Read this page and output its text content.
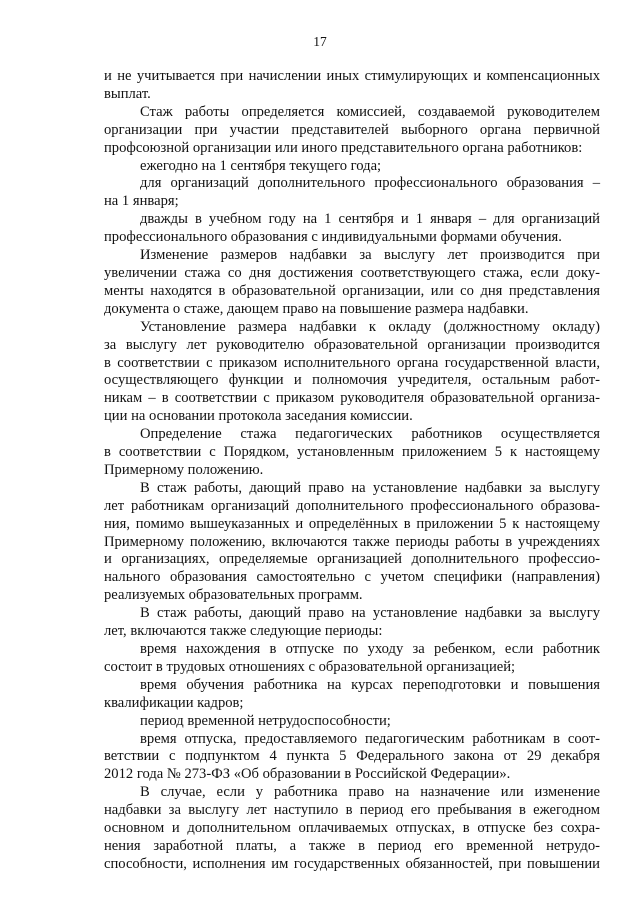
17
и не учитывается при начислении иных стимулирующих и компенсационных
выплат.
Стаж работы определяется комиссией, создаваемой руководителем
организации при участии представителей выборного органа первичной
профсоюзной организации или иного представительного органа работников:
ежегодно на 1 сентября текущего года;
для организаций дополнительного профессионального образования –
на 1 января;
дважды в учебном году на 1 сентября и 1 января – для организаций
профессионального образования с индивидуальными формами обучения.
Изменение размеров надбавки за выслугу лет производится при
увеличении стажа со дня достижения соответствующего стажа, если доку-
менты находятся в образовательной организации, или со дня представления
документа о стаже, дающем право на повышение размера надбавки.
Установление размера надбавки к окладу (должностному окладу)
за выслугу лет руководителю образовательной организации производится
в соответствии с приказом исполнительного органа государственной власти,
осуществляющего функции и полномочия учредителя, остальным работ-
никам – в соответствии с приказом руководителя образовательной организа-
ции на основании протокола заседания комиссии.
Определение стажа педагогических работников осуществляется
в соответствии с Порядком, установленным приложением 5 к настоящему
Примерному положению.
В стаж работы, дающий право на установление надбавки за выслугу
лет работникам организаций дополнительного профессионального образова-
ния, помимо вышеуказанных и определённых в приложении 5 к настоящему
Примерному положению, включаются также периоды работы в учреждениях
и организациях, определяемые организацией дополнительного профессио-
нального образования самостоятельно с учетом специфики (направления)
реализуемых образовательных программ.
В стаж работы, дающий право на установление надбавки за выслугу
лет, включаются также следующие периоды:
время нахождения в отпуске по уходу за ребенком, если работник
состоит в трудовых отношениях с образовательной организацией;
время обучения работника на курсах переподготовки и повышения
квалификации кадров;
период временной нетрудоспособности;
время отпуска, предоставляемого педагогическим работникам в соот-
ветствии с подпунктом 4 пункта 5 Федерального закона от 29 декабря
2012 года № 273-ФЗ «Об образовании в Российской Федерации».
В случае, если у работника право на назначение или изменение
надбавки за выслугу лет наступило в период его пребывания в ежегодном
основном и дополнительном оплачиваемых отпусках, в отпуске без сохра-
нения заработной платы, а также в период его временной нетрудо-
способности, исполнения им государственных обязанностей, при повышении
